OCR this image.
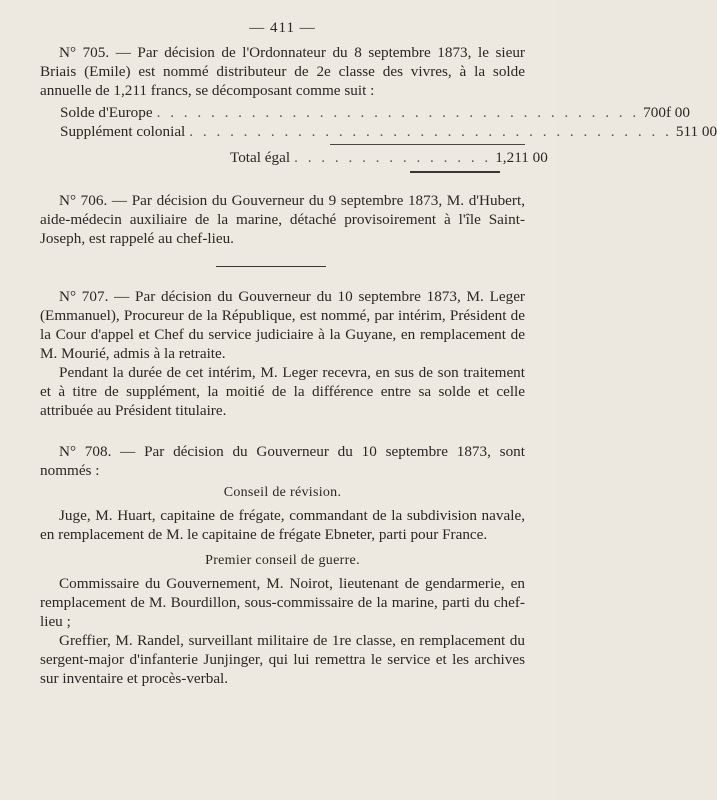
— 411 —

N° 705. — Par décision de l'Ordonnateur du 8 septembre 1873, le sieur Briais (Emile) est nommé distributeur de 2e classe des vivres, à la solde annuelle de 1,211 francs, se décomposant comme suit :

Solde d'Europe . . . . . . . . . . . . . . . . . . . . . . . . . . . . . . . . . . . . 700f 00
Supplément colonial . . . . . . . . . . . . . . . . . . . . . . . . . . . . . . . . . . . . 511 00
Total égal . . . . . . . . . . . . . . . 1,211 00

N° 706. — Par décision du Gouverneur du 9 septembre 1873, M. d'Hubert, aide-médecin auxiliaire de la marine, détaché provisoirement à l'île Saint-Joseph, est rappelé au chef-lieu.

N° 707. — Par décision du Gouverneur du 10 septembre 1873, M. Leger (Emmanuel), Procureur de la République, est nommé, par intérim, Président de la Cour d'appel et Chef du service judiciaire à la Guyane, en remplacement de M. Mourié, admis à la retraite.

Pendant la durée de cet intérim, M. Leger recevra, en sus de son traitement et à titre de supplément, la moitié de la différence entre sa solde et celle attribuée au Président titulaire.

N° 708. — Par décision du Gouverneur du 10 septembre 1873, sont nommés :

Conseil de révision.

Juge, M. Huart, capitaine de frégate, commandant de la subdivision navale, en remplacement de M. le capitaine de frégate Ebneter, parti pour France.

Premier conseil de guerre.

Commissaire du Gouvernement, M. Noirot, lieutenant de gendarmerie, en remplacement de M. Bourdillon, sous-commissaire de la marine, parti du chef-lieu ;

Greffier, M. Randel, surveillant militaire de 1re classe, en remplacement du sergent-major d'infanterie Junjinger, qui lui remettra le service et les archives sur inventaire et procès-verbal.
